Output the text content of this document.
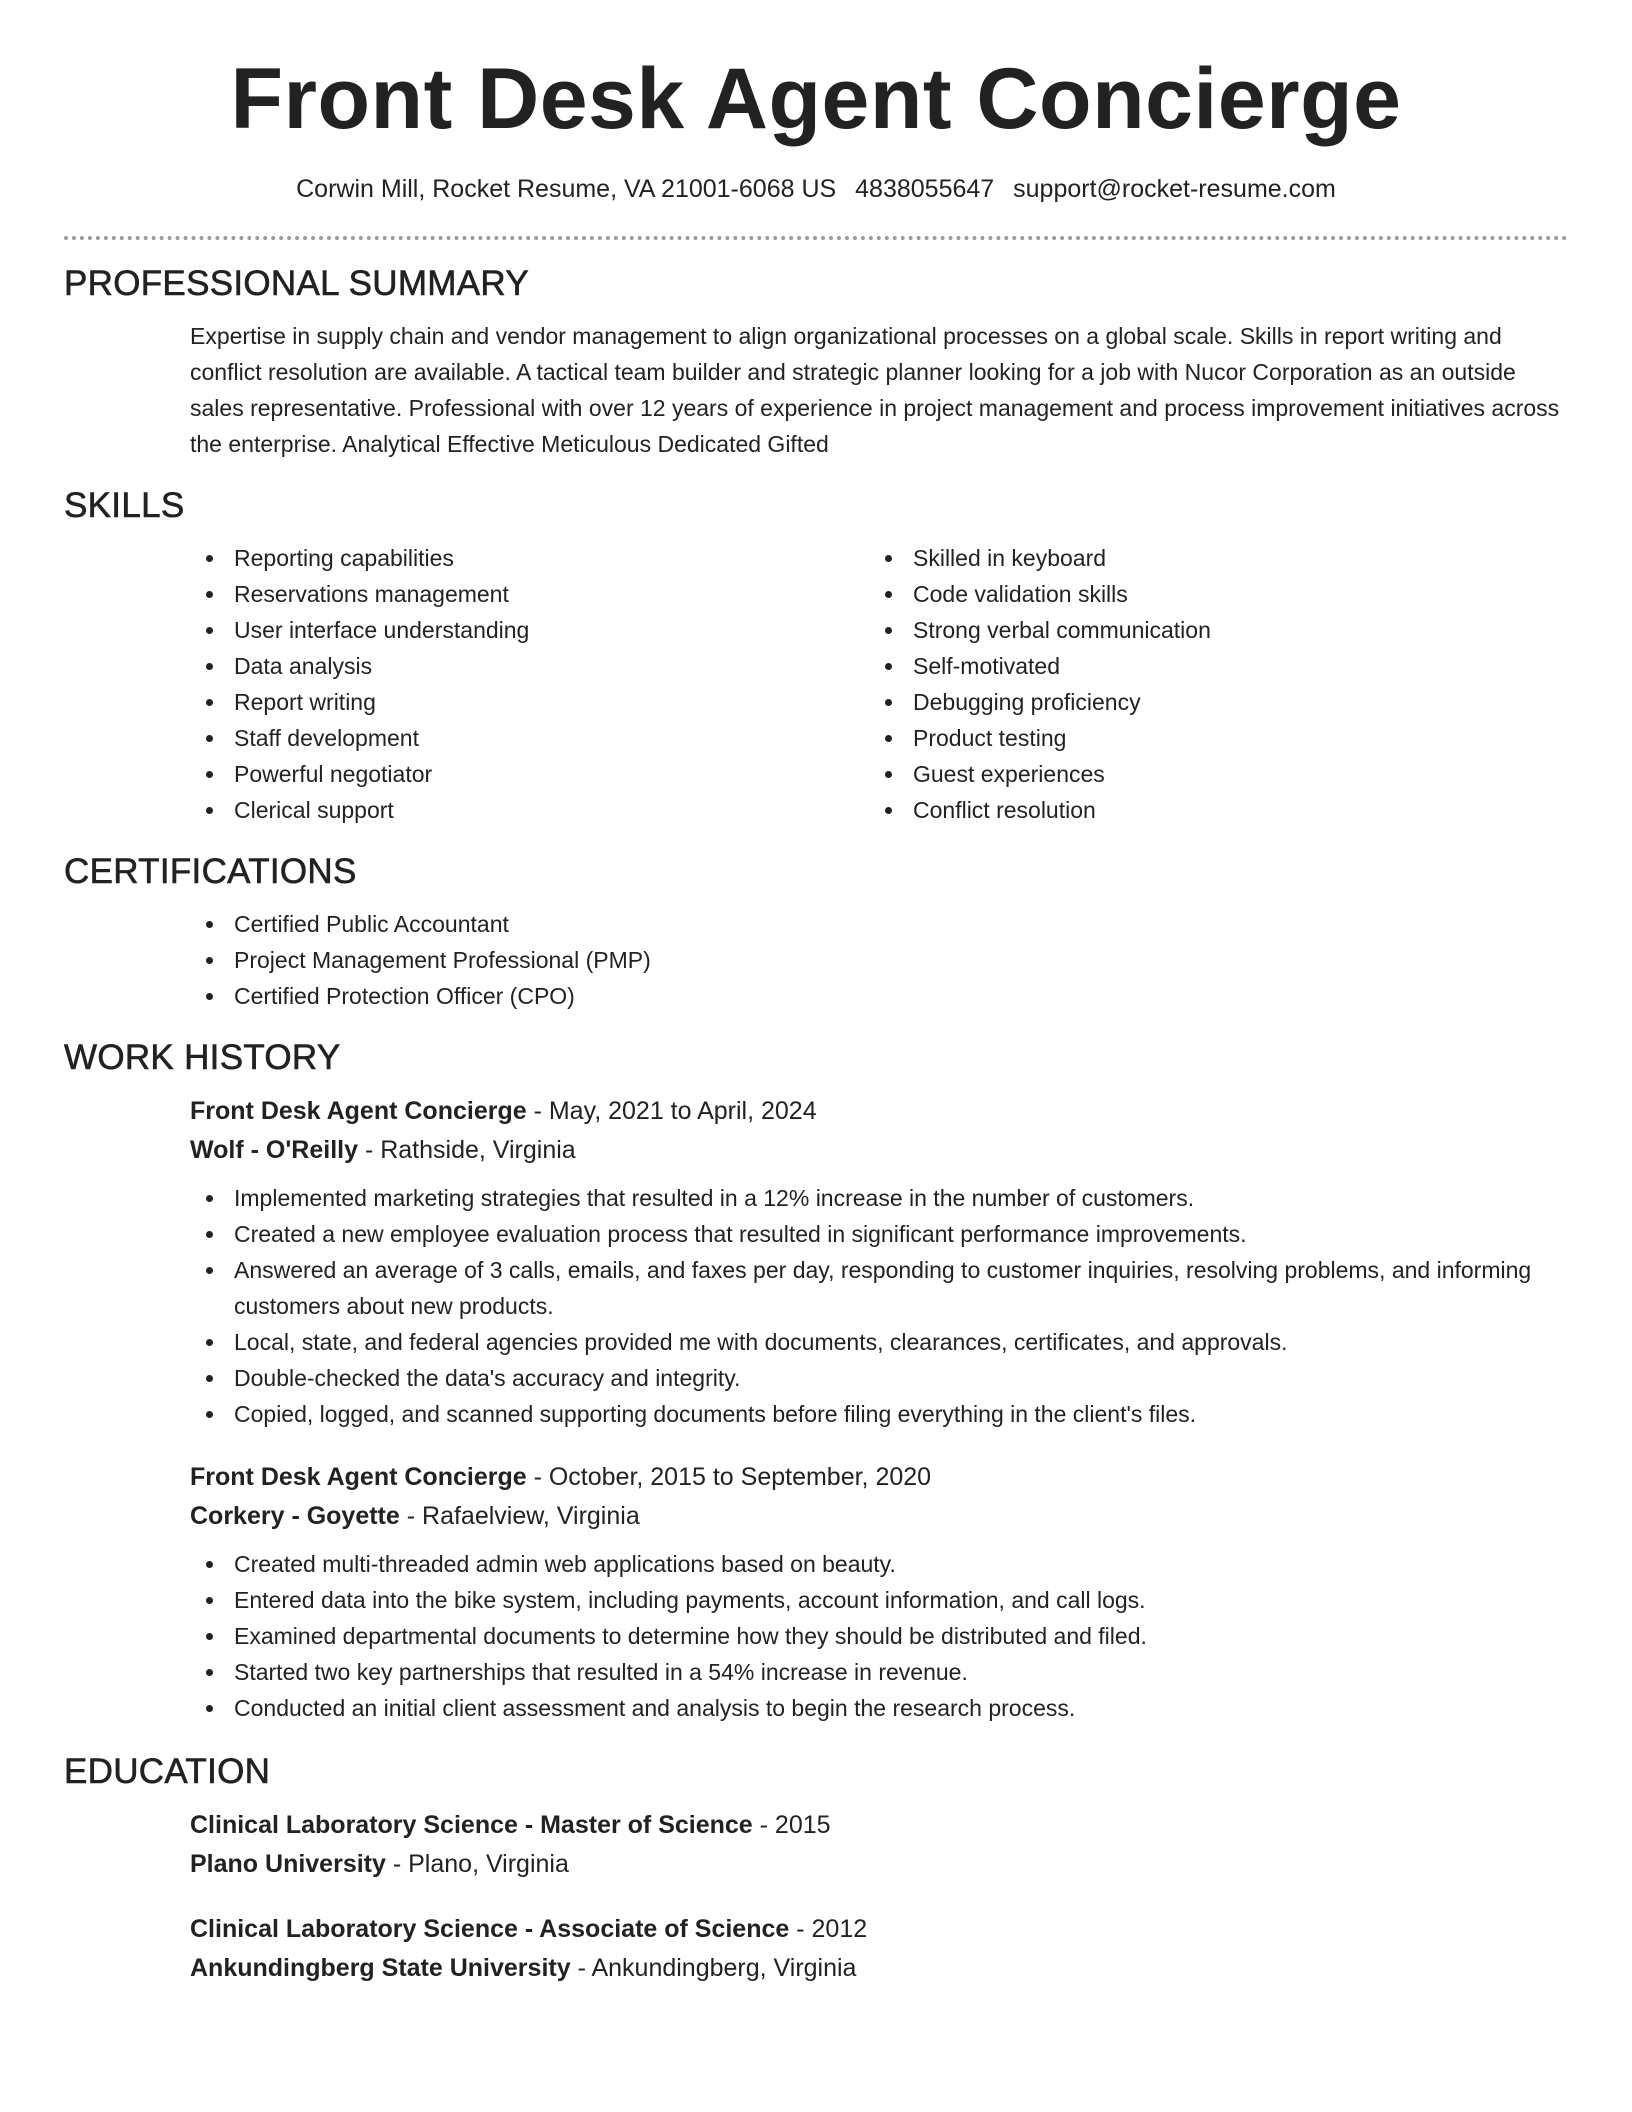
Front Desk Agent Concierge
Corwin Mill, Rocket Resume, VA 21001-6068 US 4838055647 support@rocket-resume.com
PROFESSIONAL SUMMARY

Expertise in supply chain and vendor management to align organizational processes on a global scale. Skills in report writing and conflict resolution are available. A tactical team builder and strategic planner looking for a job with Nucor Corporation as an outside sales representative. Professional with over 12 years of experience in project management and process improvement initiatives across the enterprise. Analytical Effective Meticulous Dedicated Gifted

SKILLS
Reporting capabilities
Reservations management
User interface understanding
Data analysis
Report writing
Staff development
Powerful negotiator
Clerical support
Skilled in keyboard
Code validation skills
Strong verbal communication
Self-motivated
Debugging proficiency
Product testing
Guest experiences
Conflict resolution
CERTIFICATIONS
Certified Public Accountant
Project Management Professional (PMP)
Certified Protection Officer (CPO)
WORK HISTORY
Front Desk Agent Concierge - May, 2021 to April, 2024
Wolf - O'Reilly - Rathside, Virginia
Implemented marketing strategies that resulted in a 12% increase in the number of customers.
Created a new employee evaluation process that resulted in significant performance improvements.
Answered an average of 3 calls, emails, and faxes per day, responding to customer inquiries, resolving problems, and informing customers about new products.
Local, state, and federal agencies provided me with documents, clearances, certificates, and approvals.
Double-checked the data's accuracy and integrity.
Copied, logged, and scanned supporting documents before filing everything in the client's files.
Front Desk Agent Concierge - October, 2015 to September, 2020
Corkery - Goyette - Rafaelview, Virginia
Created multi-threaded admin web applications based on beauty.
Entered data into the bike system, including payments, account information, and call logs.
Examined departmental documents to determine how they should be distributed and filed.
Started two key partnerships that resulted in a 54% increase in revenue.
Conducted an initial client assessment and analysis to begin the research process.
EDUCATION
Clinical Laboratory Science - Master of Science - 2015
Plano University - Plano, Virginia
Clinical Laboratory Science - Associate of Science - 2012
Ankundingberg State University - Ankundingberg, Virginia
